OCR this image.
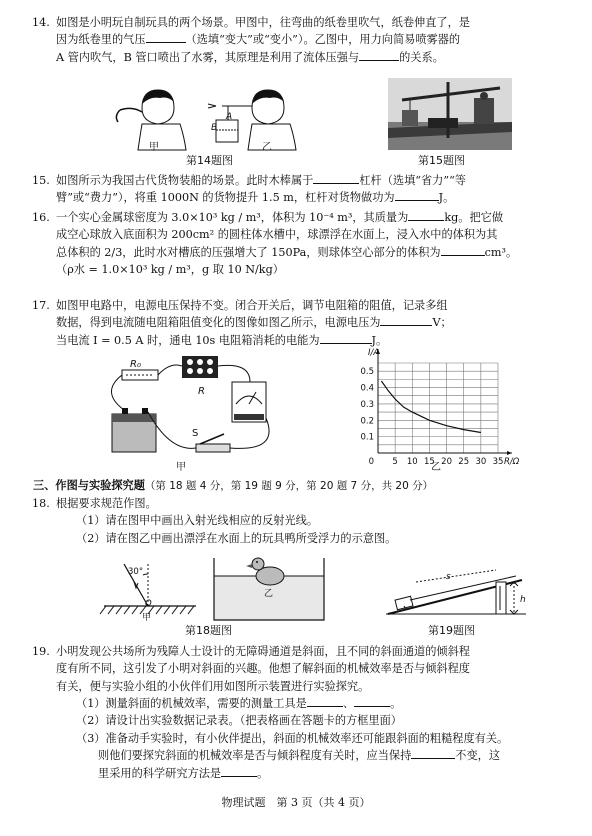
14. 如图是小明玩自制玩具的两个场景。甲图中，往弯曲的纸卷里吹气，纸卷伸直了，是
因为纸卷里的气压	（选填“变大”或“变小”）。乙图中，用力向简易喷雾器的
A 管内吹气，B 管口喷出了水雾，其原理是利用了流体压强与	的关系。
A
B
甲	乙
第14题图	第15题图
15. 如图所示为我国古代货物装船的场景。此时木棒属于	杠杆（选填“省力”“等
臂”或“费力”），将重 1000N 的货物提升 1.5 m，杠杆对货物做功为	J。
16. 一个实心金属球密度为 3.0×10³ kg / m³，体积为 10⁻⁴ m³，其质量为	kg。把它做
成空心球放入底面积为 200cm² 的圆柱体水槽中，球漂浮在水面上，浸入水中的体积为其
总体积的 2/3，此时水对槽底的压强增大了 150Pa，则球体空心部分的体积为	cm³。
（ρ水 = 1.0×10³ kg / m³，g 取 10 N/kg）
17. 如图甲电路中，电源电压保持不变。闭合开关后，调节电阻箱的阻值，记录多组
数据，得到电流随电阻箱阻值变化的图像如图乙所示，电源电压为	V；
当电流 I = 0.5 A 时，通电 10s 电阻箱消耗的电能为	J。
R₀
R
S
甲	5 10 15 20 25 30 35
0.1
0.2
0.3
0.4
0.5
0	R/Ω
I/A
乙
三、作图与实验探究题（第 18 题 4 分，第 19 题 9 分，第 20 题 7 分，共 20 分）
18. 根据要求规范作图。
（1）请在图甲中画出入射光线相应的反射光线。
（2）请在图乙中画出漂浮在水面上的玩具鸭所受浮力的示意图。
30°
O
甲
乙
第18题图
s
h
第19题图
19. 小明发现公共场所为残障人士设计的无障碍通道是斜面，且不同的斜面通道的倾斜程
度有所不同，这引发了小明对斜面的兴趣。他想了解斜面的机械效率是否与倾斜程度
有关，便与实验小组的小伙伴们用如图所示装置进行实验探究。
（1）测量斜面的机械效率，需要的测量工具是	、	。
（2）请设计出实验数据记录表。（把表格画在答题卡的方框里面）
（3）准备动手实验时，有小伙伴提出，斜面的机械效率还可能跟斜面的粗糙程度有关。
则他们要探究斜面的机械效率是否与倾斜程度有关时，应当保持	不变，这
里采用的科学研究方法是	。
物理试题　第 3 页（共 4 页）
